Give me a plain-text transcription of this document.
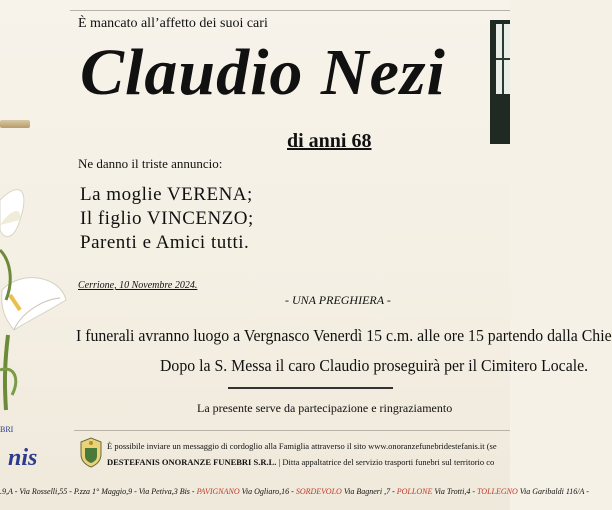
È mancato all’affetto dei suoi cari
Claudio Nezi
di anni 68
Ne danno il triste annuncio:
La moglie VERENA;
Il figlio VINCENZO;
Parenti e Amici tutti.
Cerrione, 10 Novembre 2024.
- UNA PREGHIERA -
I funerali avranno luogo a Vergnasco Venerdì 15 c.m. alle ore 15 partendo dalla Chie
Dopo la S. Messa il caro Claudio proseguirà per il Cimitero Locale.
La presente serve da partecipazione e ringraziamento
BRI
nis	È possibile inviare un messaggio di cordoglio alla Famiglia attraverso il sito www.onoranzefunebridestefanis.it (se
DESTEFANIS ONORANZE FUNEBRI S.R.L. | Ditta appaltatrice del servizio trasporti funebri sul territorio co
.9,A - Via Rosselli,55 - P.zza 1° Maggio,9 - Via Petiva,3 Bis - PAVIGNANO Via Ogliaro,16 - SORDEVOLO Via Bagneri ,7 - POLLONE Via Trotti,4 - TOLLEGNO Via Garibaldi 116/A -
